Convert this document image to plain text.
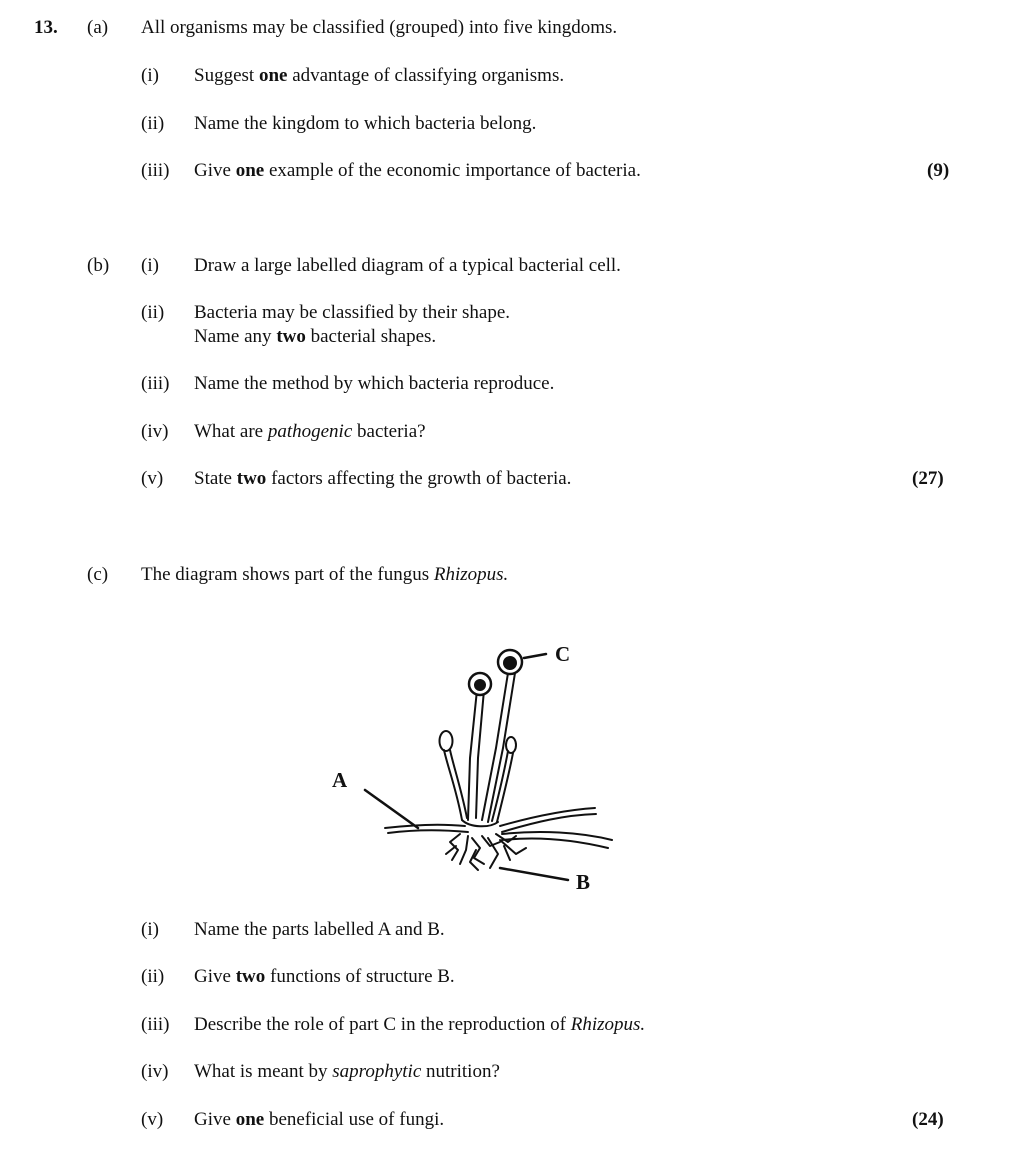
13. (a) All organisms may be classified (grouped) into five kingdoms.
(i) Suggest one advantage of classifying organisms.
(ii) Name the kingdom to which bacteria belong.
(iii) Give one example of the economic importance of bacteria.	(9)
(b) (i) Draw a large labelled diagram of a typical bacterial cell.
(ii) Bacteria may be classified by their shape.
Name any two bacterial shapes.
(iii) Name the method by which bacteria reproduce.
(iv) What are pathogenic bacteria?
(v) State two factors affecting the growth of bacteria.	(27)
(c) The diagram shows part of the fungus Rhizopus.
A
B
C
(i) Name the parts labelled A and B.
(ii) Give two functions of structure B.
(iii) Describe the role of part C in the reproduction of Rhizopus.
(iv) What is meant by saprophytic nutrition?
(v) Give one beneficial use of fungi.	(24)
